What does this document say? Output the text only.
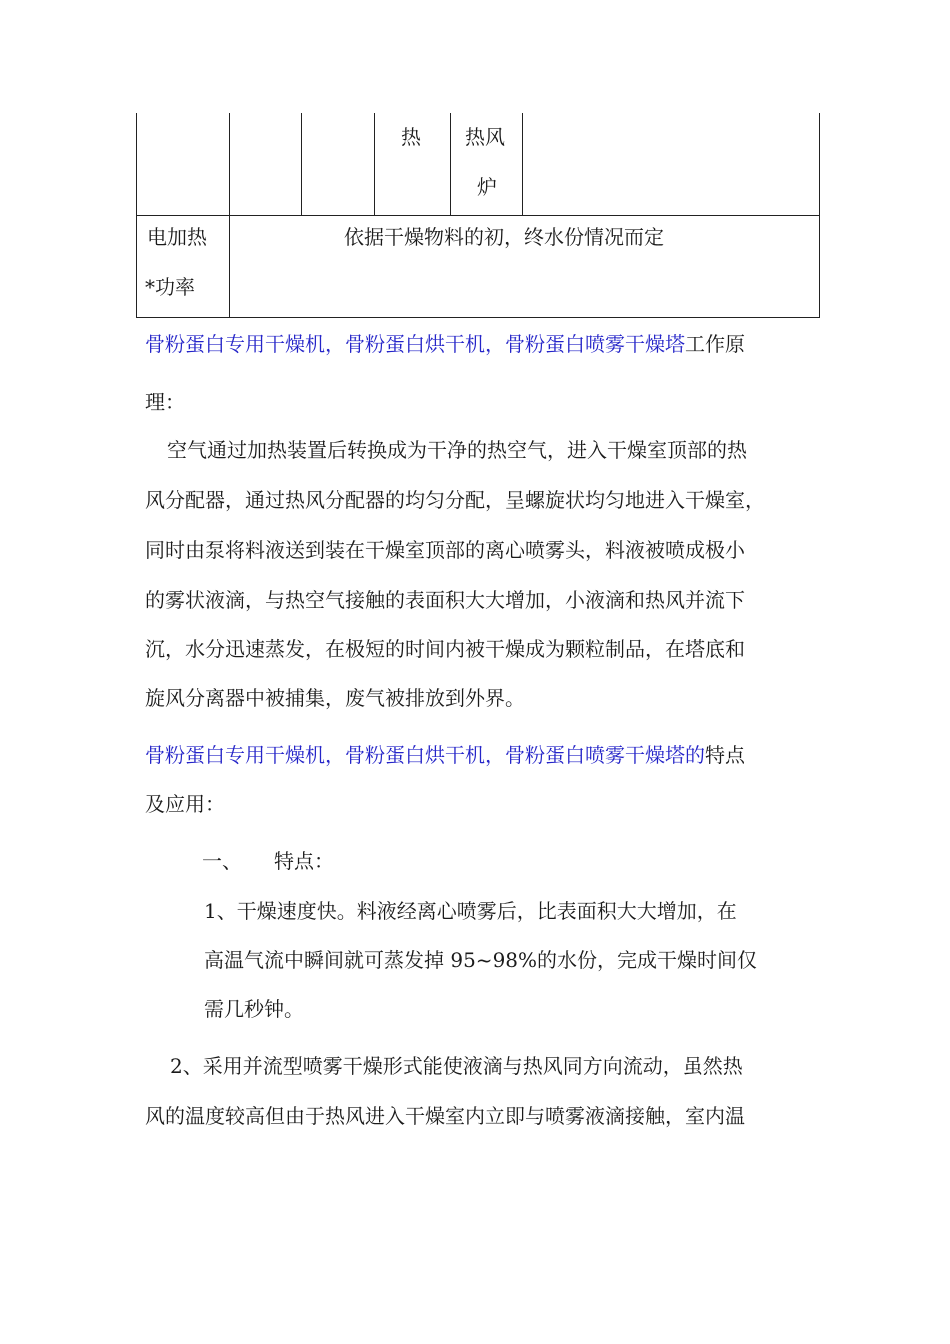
热 热风
炉
电加热
*功率
依据干燥物料的初，终水份情况而定
骨粉蛋白专用干燥机，骨粉蛋白烘干机，骨粉蛋白喷雾干燥塔工作原
理：
空气通过加热装置后转换成为干净的热空气，进入干燥室顶部的热
风分配器，通过热风分配器的均匀分配，呈螺旋状均匀地进入干燥室，
同时由泵将料液送到装在干燥室顶部的离心喷雾头，料液被喷成极小
的雾状液滴，与热空气接触的表面积大大增加，小液滴和热风并流下
沉，水分迅速蒸发，在极短的时间内被干燥成为颗粒制品，在塔底和
旋风分离器中被捕集，废气被排放到外界。
骨粉蛋白专用干燥机，骨粉蛋白烘干机，骨粉蛋白喷雾干燥塔的特点
及应用：
一、 特点：
1、干燥速度快。料液经离心喷雾后，比表面积大大增加，在
高温气流中瞬间就可蒸发掉 95~98%的水份，完成干燥时间仅
需几秒钟。
2、采用并流型喷雾干燥形式能使液滴与热风同方向流动，虽然热
风的温度较高但由于热风进入干燥室内立即与喷雾液滴接触，室内温
